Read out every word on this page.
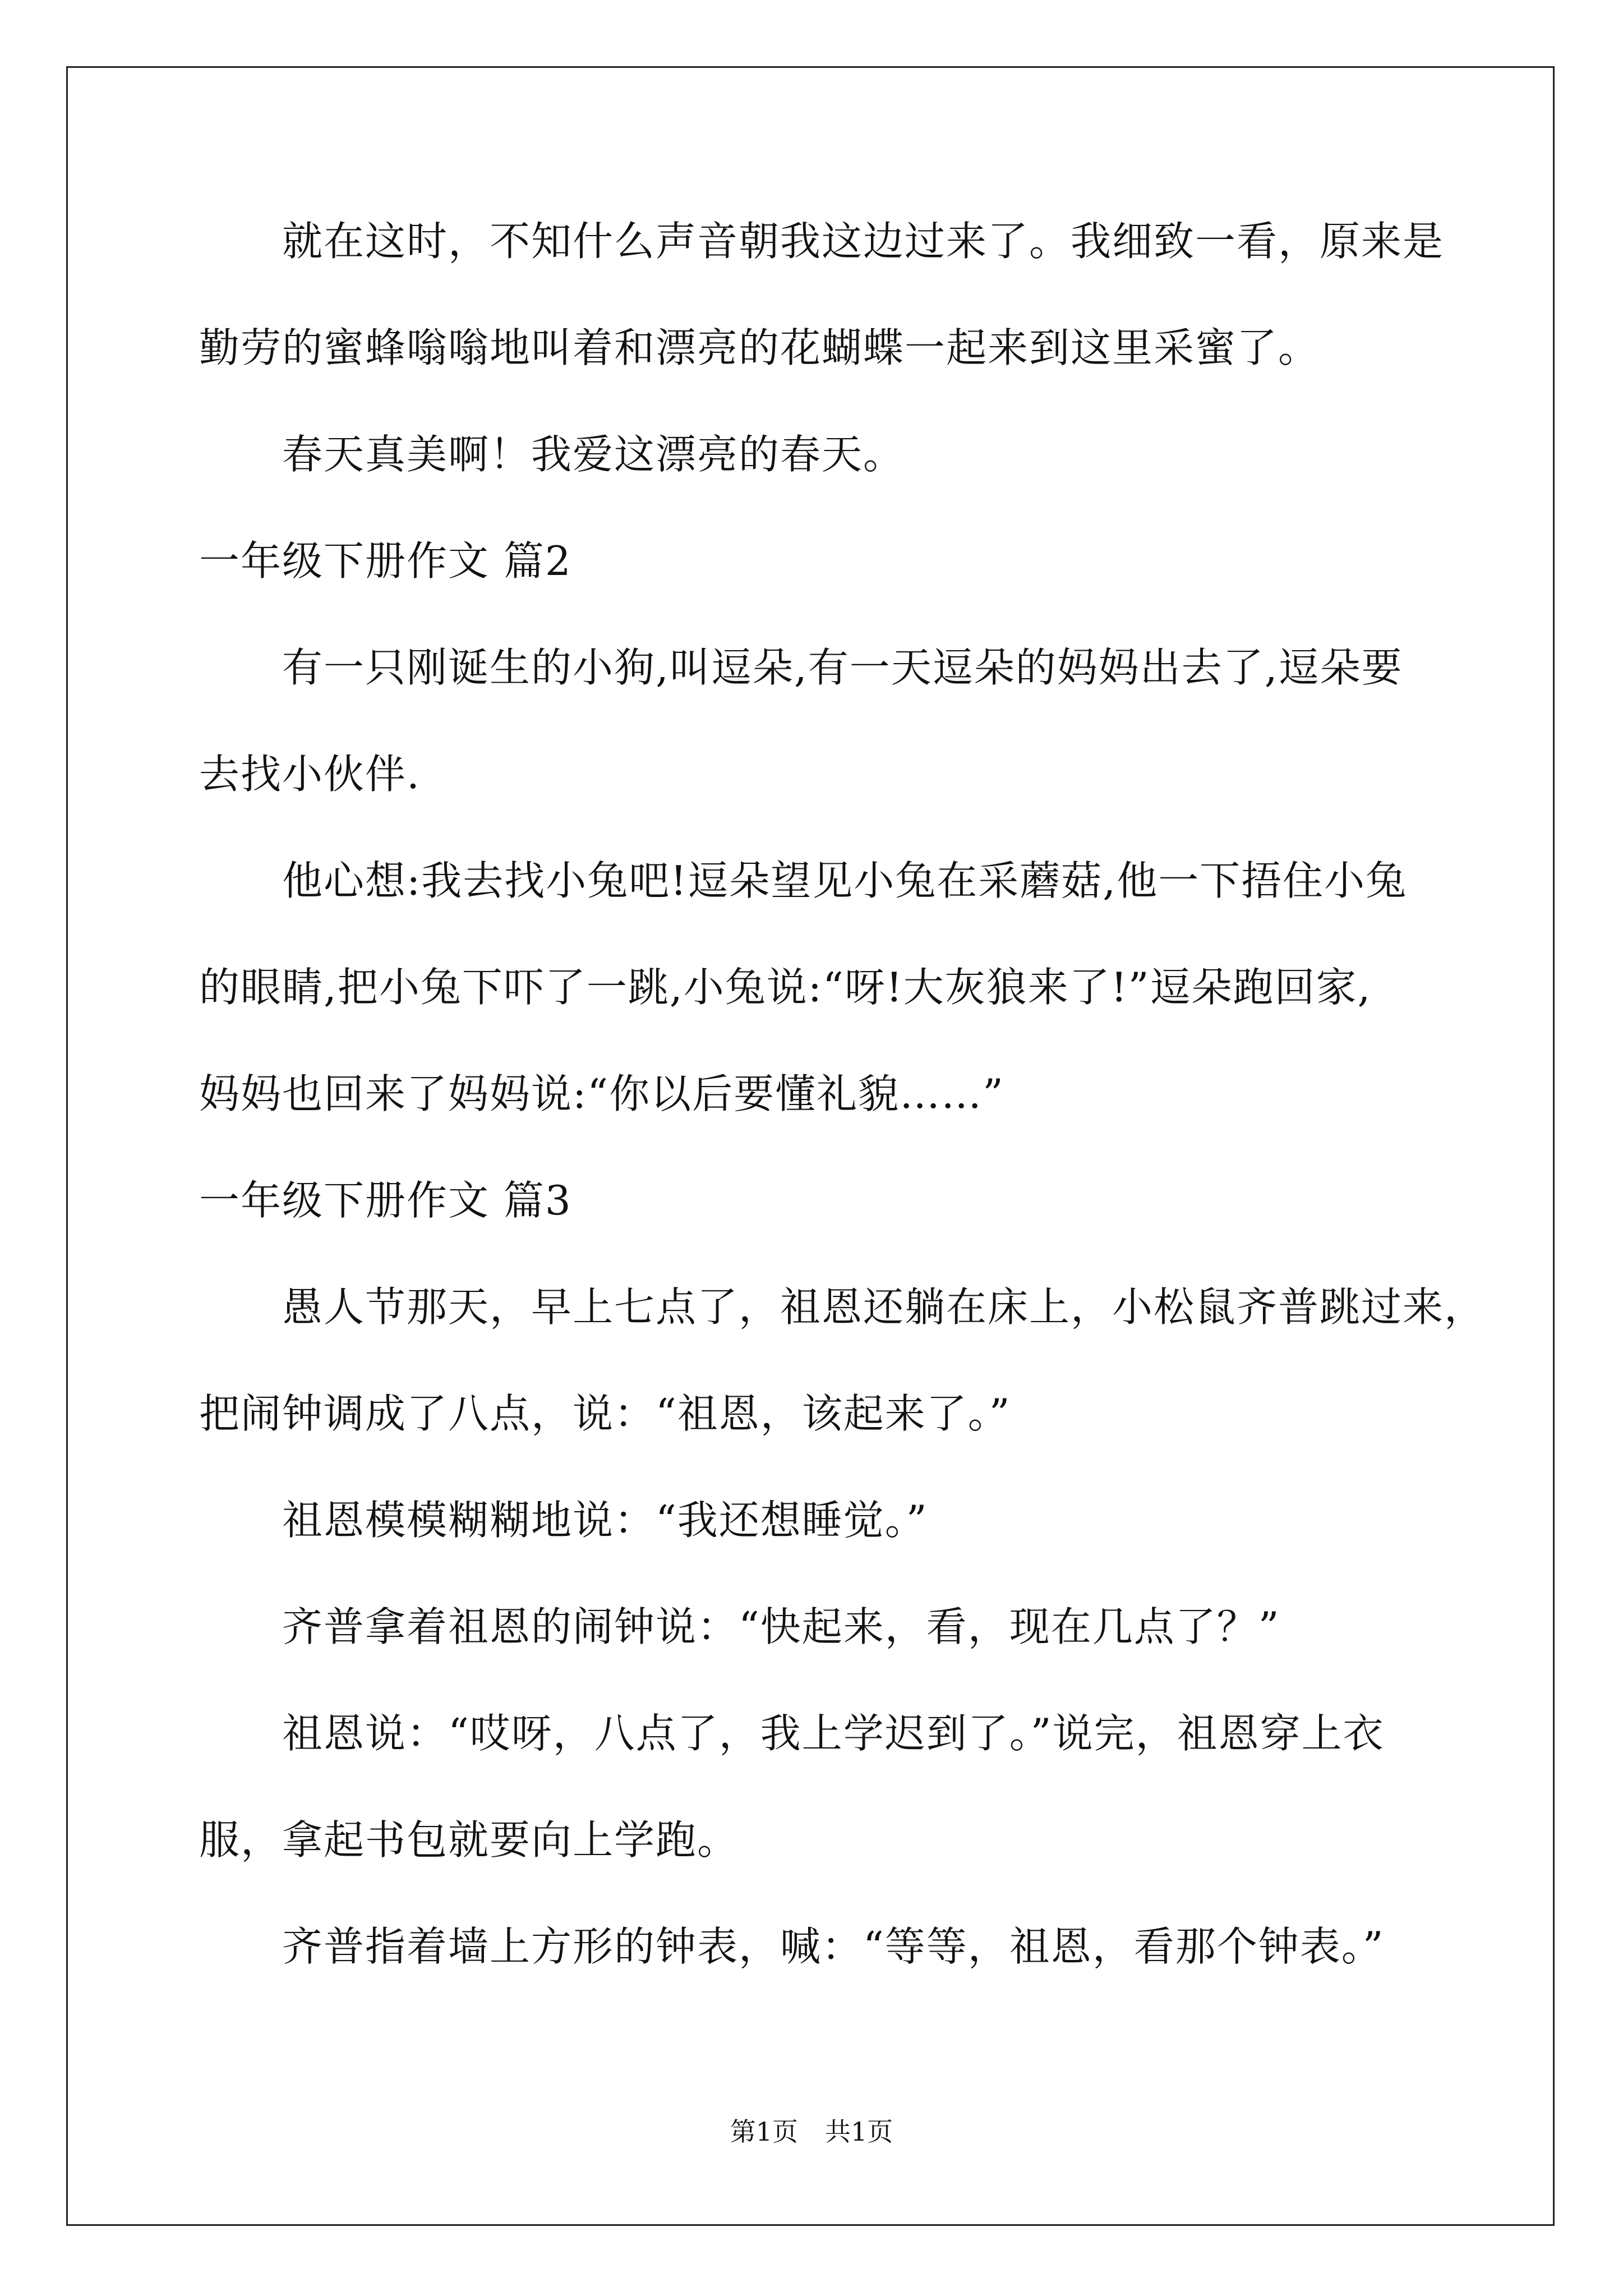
就在这时，不知什么声音朝我这边过来了。我细致一看，原来是
勤劳的蜜蜂嗡嗡地叫着和漂亮的花蝴蝶一起来到这里采蜜了。
春天真美啊！我爱这漂亮的春天。
一年级下册作文 篇2
有一只刚诞生的小狗,叫逗朵,有一天逗朵的妈妈出去了,逗朵要
去找小伙伴.
他心想:我去找小兔吧!逗朵望见小兔在采蘑菇,他一下捂住小兔
的眼睛,把小兔下吓了一跳,小兔说:“呀!大灰狼来了!”逗朵跑回家,
妈妈也回来了妈妈说:“你以后要懂礼貌……”
一年级下册作文 篇3
愚人节那天，早上七点了，祖恩还躺在床上，小松鼠齐普跳过来，
把闹钟调成了八点，说：“祖恩，该起来了。”
祖恩模模糊糊地说：“我还想睡觉。”
齐普拿着祖恩的闹钟说：“快起来，看，现在几点了？”
祖恩说：“哎呀，八点了，我上学迟到了。”说完，祖恩穿上衣
服，拿起书包就要向上学跑。
齐普指着墙上方形的钟表，喊：“等等，祖恩，看那个钟表。”
第1页 共1页
